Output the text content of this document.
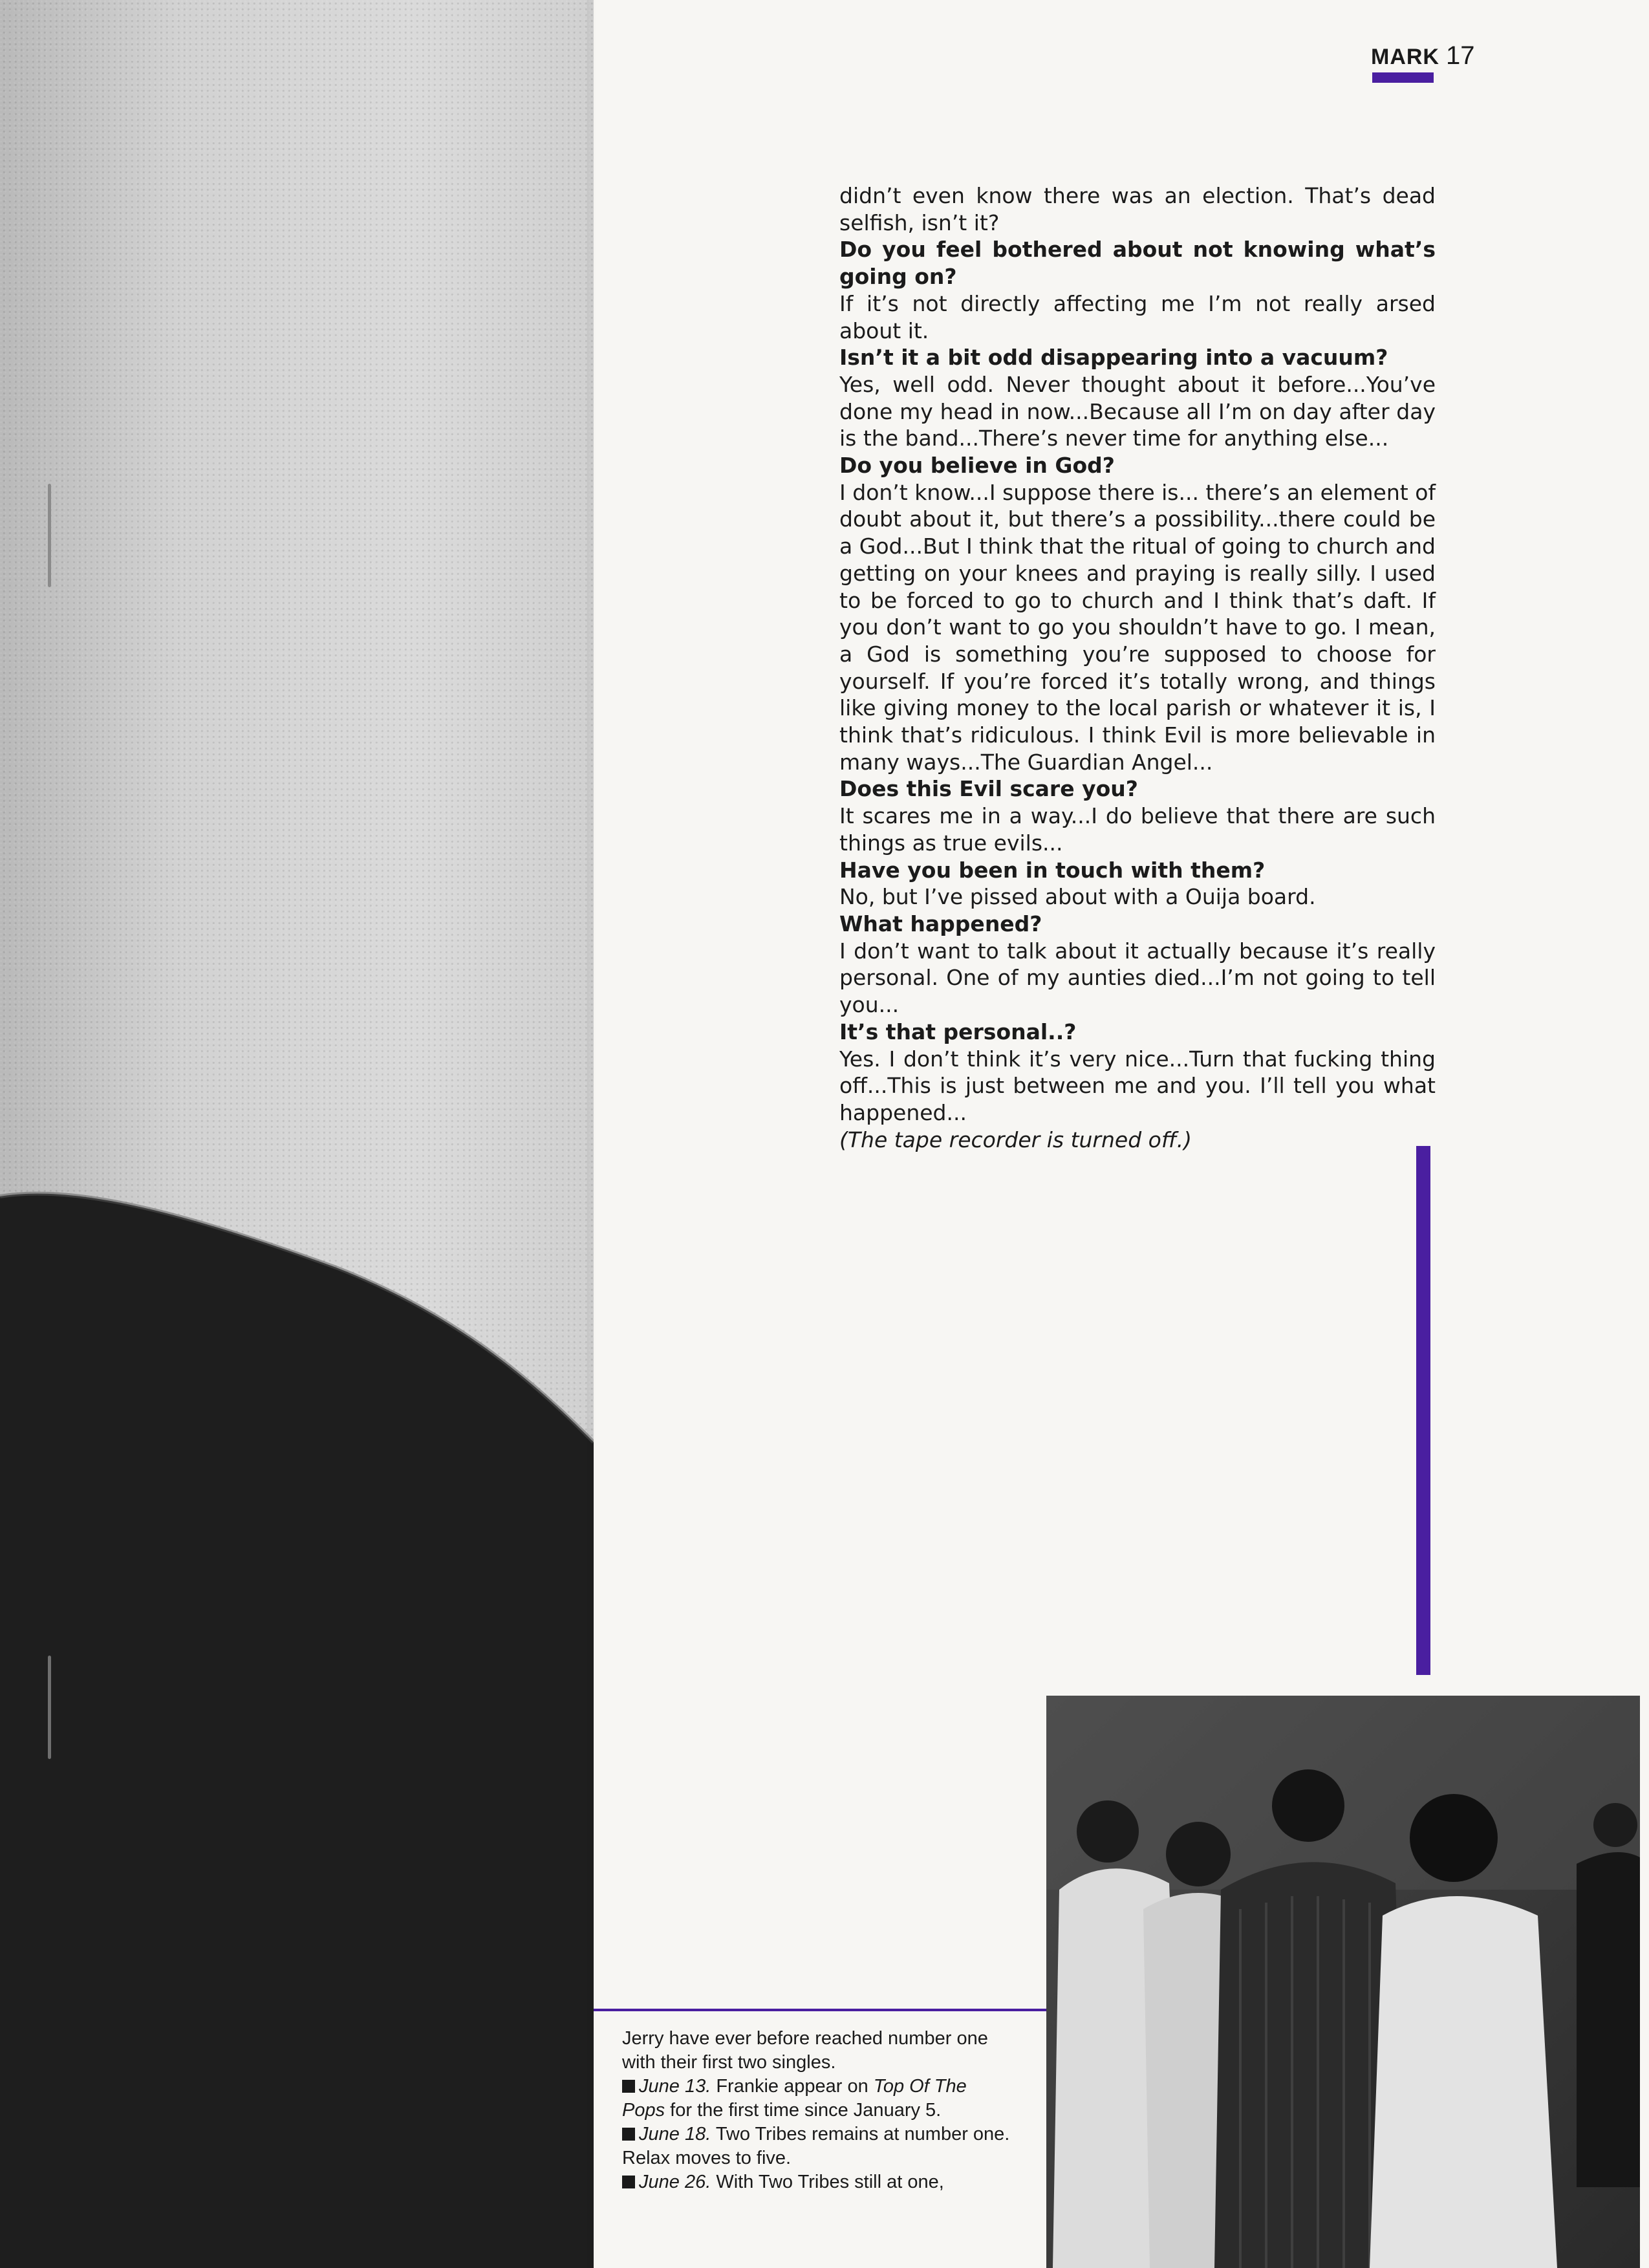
MARK 17

didn’t even know there was an election. That’s dead selfish, isn’t it?

Do you feel bothered about not knowing what’s going on?

If it’s not directly affecting me I’m not really arsed about it.

Isn’t it a bit odd disappearing into a vacuum?

Yes, well odd. Never thought about it before...You’ve done my head in now...Because all I’m on day after day is the band...There’s never time for anything else...

Do you believe in God?

I don’t know...I suppose there is... there’s an element of doubt about it, but there’s a possibility...there could be a God...But I think that the ritual of going to church and getting on your knees and praying is really silly. I used to be forced to go to church and I think that’s daft. If you don’t want to go you shouldn’t have to go. I mean, a God is something you’re supposed to choose for yourself. If you’re forced it’s totally wrong, and things like giving money to the local parish or whatever it is, I think that’s ridiculous. I think Evil is more believable in many ways...The Guardian Angel...

Does this Evil scare you?

It scares me in a way...I do believe that there are such things as true evils...

Have you been in touch with them?

No, but I’ve pissed about with a Ouija board.

What happened?

I don’t want to talk about it actually because it’s really personal. One of my aunties died...I’m not going to tell you...

It’s that personal..?

Yes. I don’t think it’s very nice...Turn that fucking thing off...This is just between me and you. I’ll tell you what happened...

(The tape recorder is turned off.)

Jerry have ever before reached number one with their first two singles.

June 13. Frankie appear on Top Of The Pops for the first time since January 5.

June 18. Two Tribes remains at number one. Relax moves to five.

June 26. With Two Tribes still at one,
